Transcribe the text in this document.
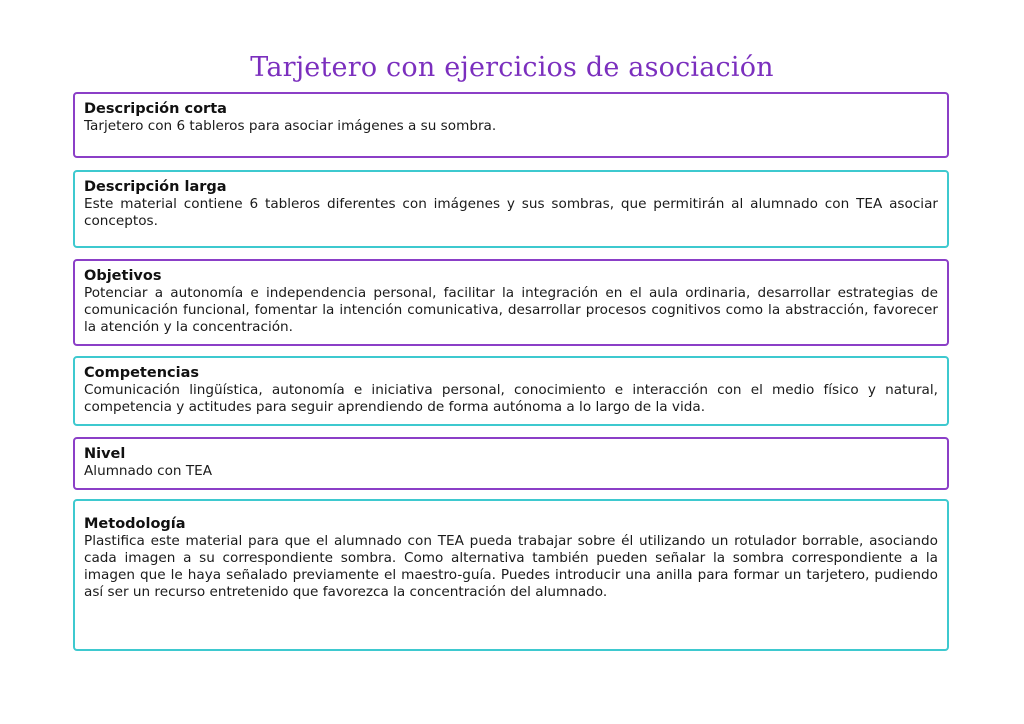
Tarjetero con ejercicios de asociación
Descripción corta
Tarjetero con 6 tableros para asociar imágenes a su sombra.
Descripción larga
Este material contiene 6 tableros diferentes con imágenes y sus sombras, que permitirán al alumnado con TEA asociar conceptos.
Objetivos
Potenciar a autonomía e independencia personal, facilitar la integración en el aula ordinaria, desarrollar estrategias de comunicación funcional, fomentar la intención comunicativa, desarrollar procesos cognitivos como la abstracción, favorecer la atención y la concentración.
Competencias
Comunicación lingüística, autonomía e iniciativa personal, conocimiento e interacción con el medio físico y natural, competencia y actitudes para seguir aprendiendo de forma autónoma a lo largo de la vida.
Nivel
Alumnado con TEA
Metodología
Plastifica este material para que el alumnado con TEA pueda trabajar sobre él utilizando un rotulador borrable, asociando cada imagen a su correspondiente sombra. Como alternativa también pueden señalar la sombra correspondiente a la imagen que le haya señalado previamente el maestro-guía. Puedes introducir una anilla para formar un tarjetero, pudiendo así ser un recurso entretenido que favorezca la concentración del alumnado.
